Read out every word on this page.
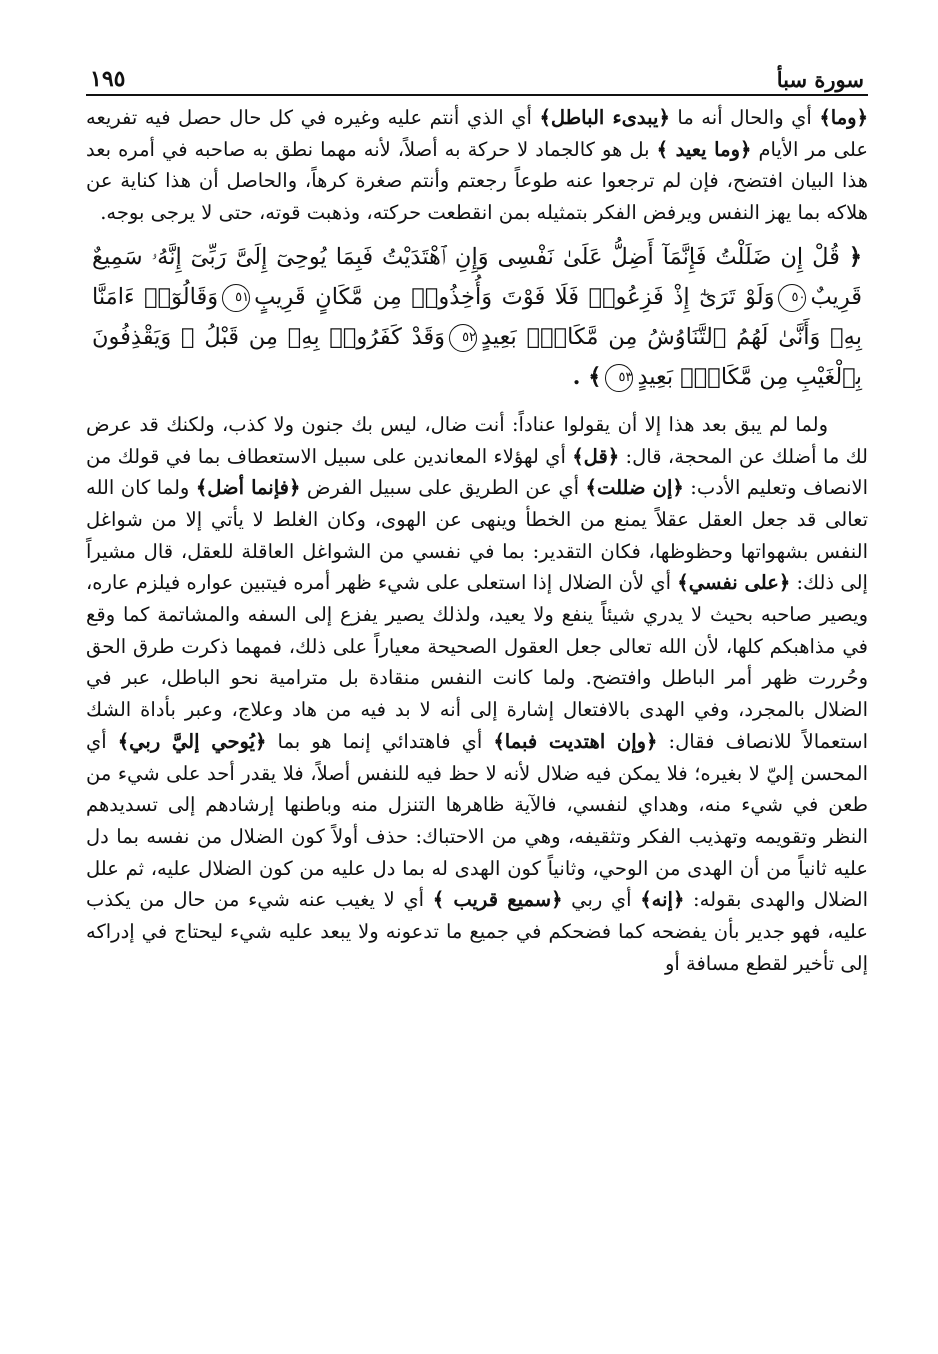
سورة سبأ
١٩٥

﴿وما﴾ أي والحال أنه ما ﴿يبدىء الباطل﴾ أي الذي أنتم عليه وغيره في كل حال حصل فيه تفريعه على مر الأيام ﴿وما يعيد ﴾ بل هو كالجماد لا حركة به أصلاً، لأنه مهما نطق به صاحبه في أمره بعد هذا البيان افتضح، فإن لم ترجعوا عنه طوعاً رجعتم وأنتم صغرة كرهاً، والحاصل أن هذا كناية عن هلاكه بما يهز النفس ويرفض الفكر بتمثيله بمن انقطعت حركته، وذهبت قوته، حتى لا يرجى بوجه.

﴿ قُلْ إِن ضَلَلْتُ فَإِنَّمَآ أَضِلُّ عَلَىٰ نَفْسِى وَإِنِ ٱهْتَدَيْتُ فَبِمَا يُوحِىٓ إِلَىَّ رَبِّىٓ إِنَّهُۥ سَمِيعٌ قَرِيبٌ٥٠وَلَوْ تَرَىٰٓ إِذْ فَزِعُوا۟ فَلَا فَوْتَ وَأُخِذُوا۟ مِن مَّكَانٍ قَرِيبٍ٥١وَقَالُوٓا۟ ءَامَنَّا بِهِۦ وَأَنَّىٰ لَهُمُ ٱلتَّنَاوُشُ مِن مَّكَانٍۭ بَعِيدٍ٥٢وَقَدْ كَفَرُوا۟ بِهِۦ مِن قَبْلُ ۖ وَيَقْذِفُونَ بِٱلْغَيْبِ مِن مَّكَانٍۭ بَعِيدٍ٥٣﴾ .

ولما لم يبق بعد هذا إلا أن يقولوا عناداً: أنت ضال، ليس بك جنون ولا كذب، ولكنك قد عرض لك ما أضلك عن المحجة، قال: ﴿قل﴾ أي لهؤلاء المعاندين على سبيل الاستعطاف بما في قولك من الانصاف وتعليم الأدب: ﴿إن ضللت﴾ أي عن الطريق على سبيل الفرض ﴿فإنما أضل﴾ ولما كان الله تعالى قد جعل العقل عقلاً يمنع من الخطأ وينهى عن الهوى، وكان الغلط لا يأتي إلا من شواغل النفس بشهواتها وحظوظها، فكان التقدير: بما في نفسي من الشواغل العاقلة للعقل، قال مشيراً إلى ذلك: ﴿على نفسي﴾ أي لأن الضلال إذا استعلى على شيء ظهر أمره فيتبين عواره فيلزم عاره، ويصير صاحبه بحيث لا يدري شيئاً ينفع ولا يعيد، ولذلك يصير يفزع إلى السفه والمشاتمة كما وقع في مذاهبكم كلها، لأن الله تعالى جعل العقول الصحيحة معياراً على ذلك، فمهما ذكرت طرق الحق وحُررت ظهر أمر الباطل وافتضح. ولما كانت النفس منقادة بل مترامية نحو الباطل، عبر في الضلال بالمجرد، وفي الهدى بالافتعال إشارة إلى أنه لا بد فيه من هاد وعلاج، وعبر بأداة الشك استعمالاً للانصاف فقال: ﴿وإن اهتديت فبما﴾ أي فاهتدائي إنما هو بما ﴿يُوحي إليَّ ربي﴾ أي المحسن إليّ لا بغيره؛ فلا يمكن فيه ضلال لأنه لا حظ فيه للنفس أصلاً، فلا يقدر أحد على شيء من طعن في شيء منه، وهداي لنفسي، فالآية ظاهرها التنزل منه وباطنها إرشادهم إلى تسديدهم النظر وتقويمه وتهذيب الفكر وتثقيفه، وهي من الاحتباك: حذف أولاً كون الضلال من نفسه بما دل عليه ثانياً من أن الهدى من الوحي، وثانياً كون الهدى له بما دل عليه من كون الضلال عليه، ثم علل الضلال والهدى بقوله: ﴿إنه﴾ أي ربي ﴿سميع قريب ﴾ أي لا يغيب عنه شيء من حال من يكذب عليه، فهو جدير بأن يفضحه كما فضحكم في جميع ما تدعونه ولا يبعد عليه شيء ليحتاج في إدراكه إلى تأخير لقطع مسافة أو
